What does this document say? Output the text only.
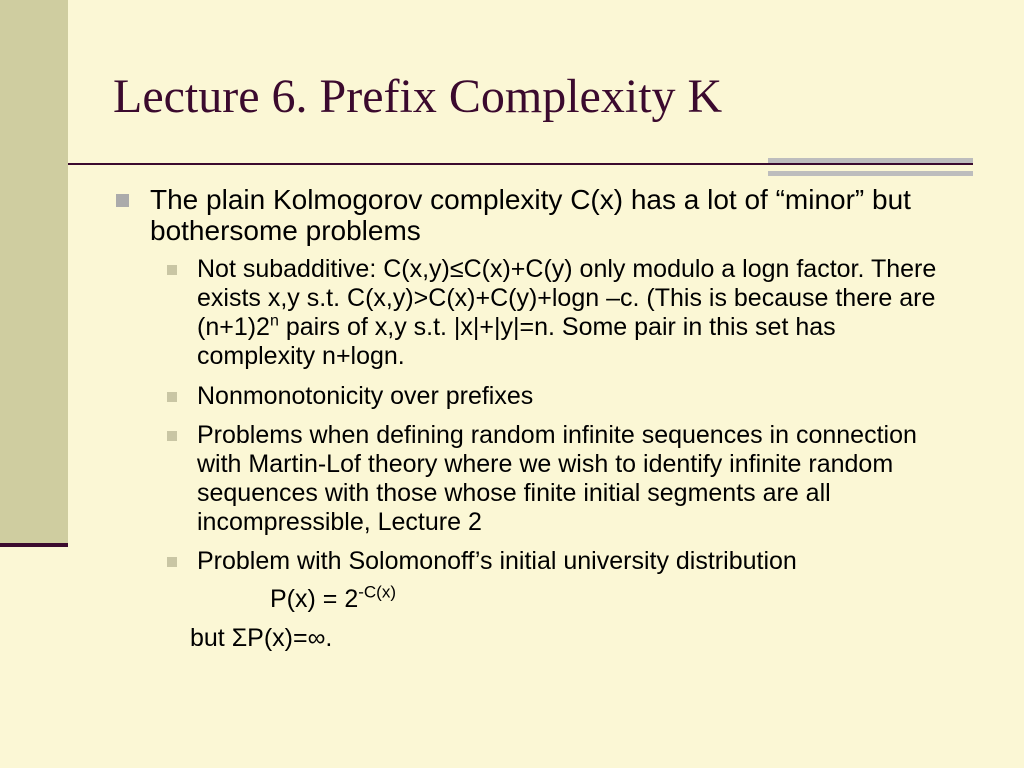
Lecture 6. Prefix Complexity K
The plain Kolmogorov complexity C(x) has a lot of “minor” but bothersome problems
Not subadditive: C(x,y)≤C(x)+C(y) only modulo a logn factor. There exists x,y s.t. C(x,y)>C(x)+C(y)+logn –c. (This is because there are $(n+1)2^n$ pairs of x,y s.t. |x|+|y|=n. Some pair in this set has complexity n+logn.
Nonmonotonicity over prefixes
Problems when defining random infinite sequences in connection with Martin-Lof theory where we wish to identify infinite random sequences with those whose finite initial segments are all incompressible, Lecture 2
Problem with Solomonoff’s initial university distribution
$P(x) = 2^{-C(x)}$
but ΣP(x)=∞.
